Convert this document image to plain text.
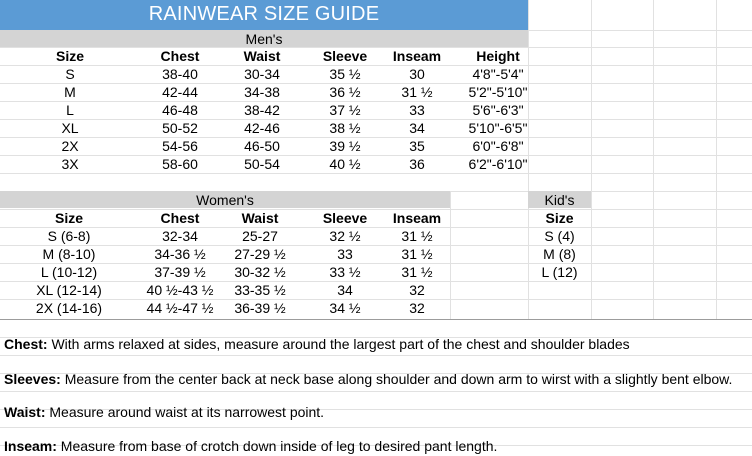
RAINWEAR SIZE GUIDE
Men's
Size	Chest	Waist	Sleeve	Inseam	Height
S	38-40	30-34	35 ½	30	4'8"-5'4"
M	42-44	34-38	36 ½	31 ½	5'2"-5'10"
L	46-48	38-42	37 ½	33	5'6"-6'3"
XL	50-52	42-46	38 ½	34	5'10"-6'5"
2X	54-56	46-50	39 ½	35	6'0"-6'8"
3X	58-60	50-54	40 ½	36	6'2"-6'10"
Women's
Size	Chest	Waist	Sleeve	Inseam
S (6-8)	32-34	25-27	32 ½	31 ½
M (8-10)	34-36 ½	27-29 ½	33	31 ½
L (10-12)	37-39 ½	30-32 ½	33 ½	31 ½
XL (12-14)	40 ½-43 ½	33-35 ½	34	32
2X (14-16)	44 ½-47 ½	36-39 ½	34 ½	32
Kid's
Size
S (4)
M (8)
L (12)
Chest: With arms relaxed at sides, measure around the largest part of the chest and shoulder blades
Sleeves: Measure from the center back at neck base along shoulder and down arm to wirst with a slightly bent elbow.
Waist: Measure around waist at its narrowest point.
Inseam: Measure from base of crotch down inside of leg to desired pant length.
